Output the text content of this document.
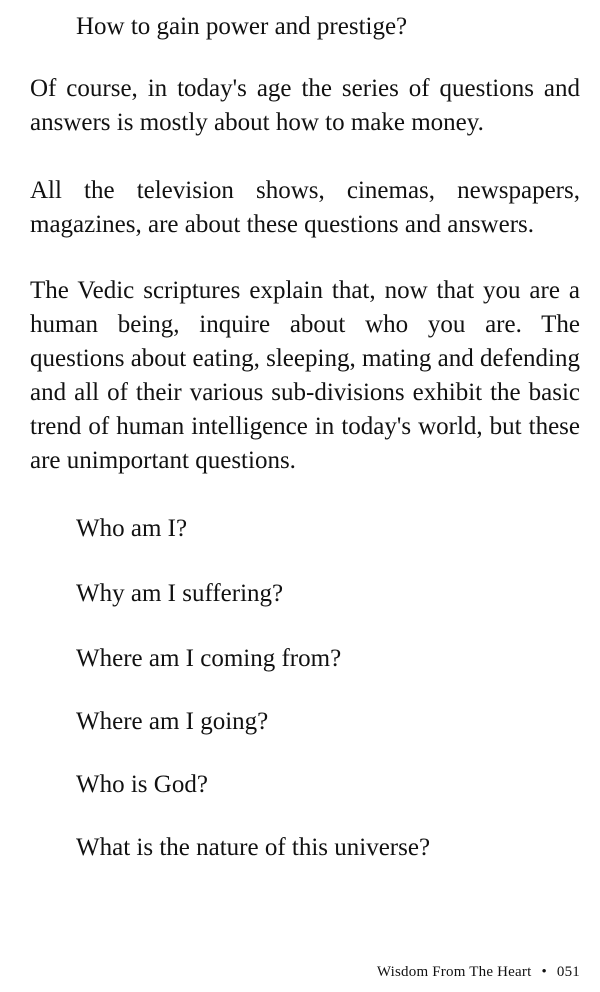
How to gain power and prestige?

Of course, in today's age the series of questions and answers is mostly about how to make money.

All the television shows, cinemas, newspapers, magazines, are about these questions and answers.

The Vedic scriptures explain that, now that you are a human being, inquire about who you are. The questions about eating, sleeping, mating and defending and all of their various sub-divisions exhibit the basic trend of human intelligence in today's world, but these are unimportant questions.

Who am I?

Why am I suffering?

Where am I coming from?

Where am I going?

Who is God?

What is the nature of this universe?

Wisdom From The Heart • 051
